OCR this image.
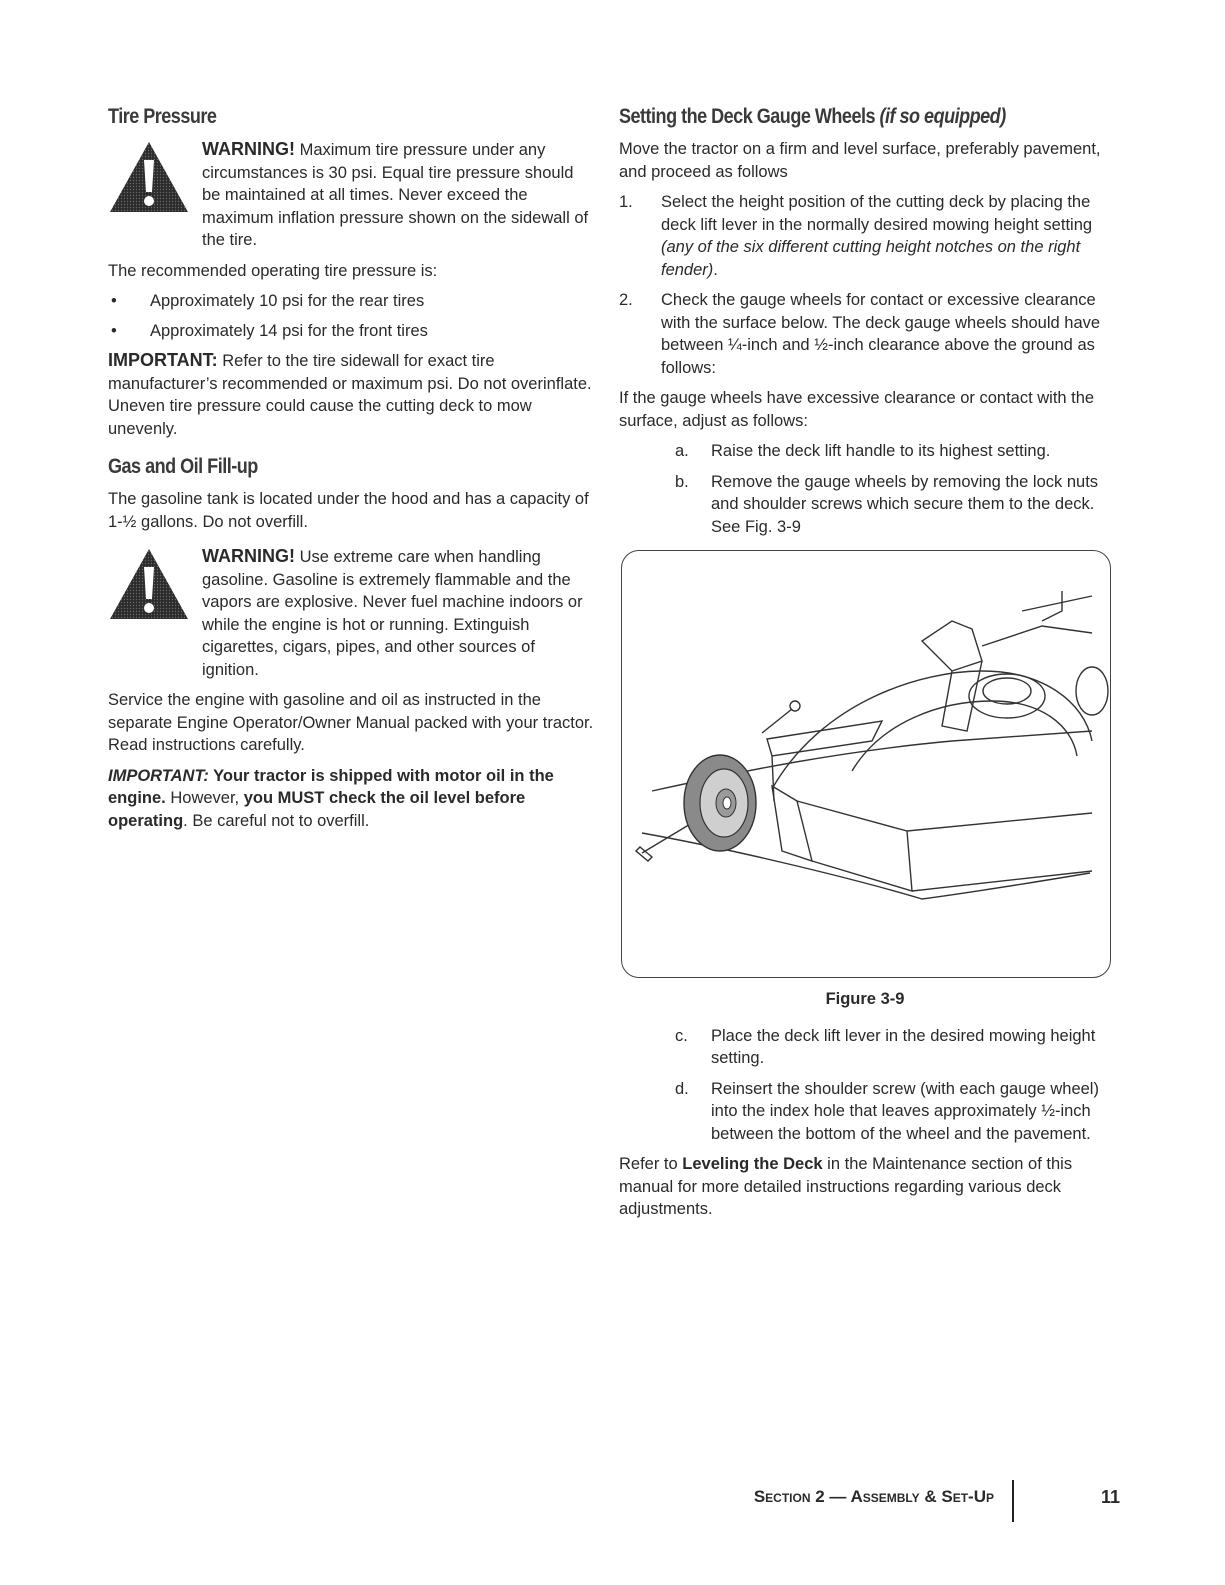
Tire Pressure
WARNING! Maximum tire pressure under any circumstances is 30 psi. Equal tire pressure should be maintained at all times. Never exceed the maximum inflation pressure shown on the sidewall of the tire.

The recommended operating tire pressure is:

• Approximately 10 psi for the rear tires
• Approximately 14 psi for the front tires

IMPORTANT: Refer to the tire sidewall for exact tire manufacturer’s recommended or maximum psi. Do not overinflate. Uneven tire pressure could cause the cutting deck to mow unevenly.

Gas and Oil Fill-up

The gasoline tank is located under the hood and has a capacity of 1-½ gallons. Do not overfill.

WARNING! Use extreme care when handling gasoline. Gasoline is extremely flammable and the vapors are explosive. Never fuel machine indoors or while the engine is hot or running. Extinguish cigarettes, cigars, pipes, and other sources of ignition.

Service the engine with gasoline and oil as instructed in the separate Engine Operator/Owner Manual packed with your tractor. Read instructions carefully.

IMPORTANT: Your tractor is shipped with motor oil in the engine. However, you MUST check the oil level before operating. Be careful not to overfill.

Setting the Deck Gauge Wheels (if so equipped)

Move the tractor on a firm and level surface, preferably pavement, and proceed as follows

1. Select the height position of the cutting deck by placing the deck lift lever in the normally desired mowing height setting (any of the six different cutting height notches on the right fender).
2. Check the gauge wheels for contact or excessive clearance with the surface below. The deck gauge wheels should have between ¼-inch and ½-inch clearance above the ground as follows:

If the gauge wheels have excessive clearance or contact with the surface, adjust as follows:

a. Raise the deck lift handle to its highest setting.
b. Remove the gauge wheels by removing the lock nuts and shoulder screws which secure them to the deck. See Fig. 3-9

Figure 3-9

c. Place the deck lift lever in the desired mowing height setting.
d. Reinsert the shoulder screw (with each gauge wheel) into the index hole that leaves approximately ½-inch between the bottom of the wheel and the pavement.

Refer to Leveling the Deck in the Maintenance section of this manual for more detailed instructions regarding various deck adjustments.

Section 2 — Assembly & Set-Up	11
